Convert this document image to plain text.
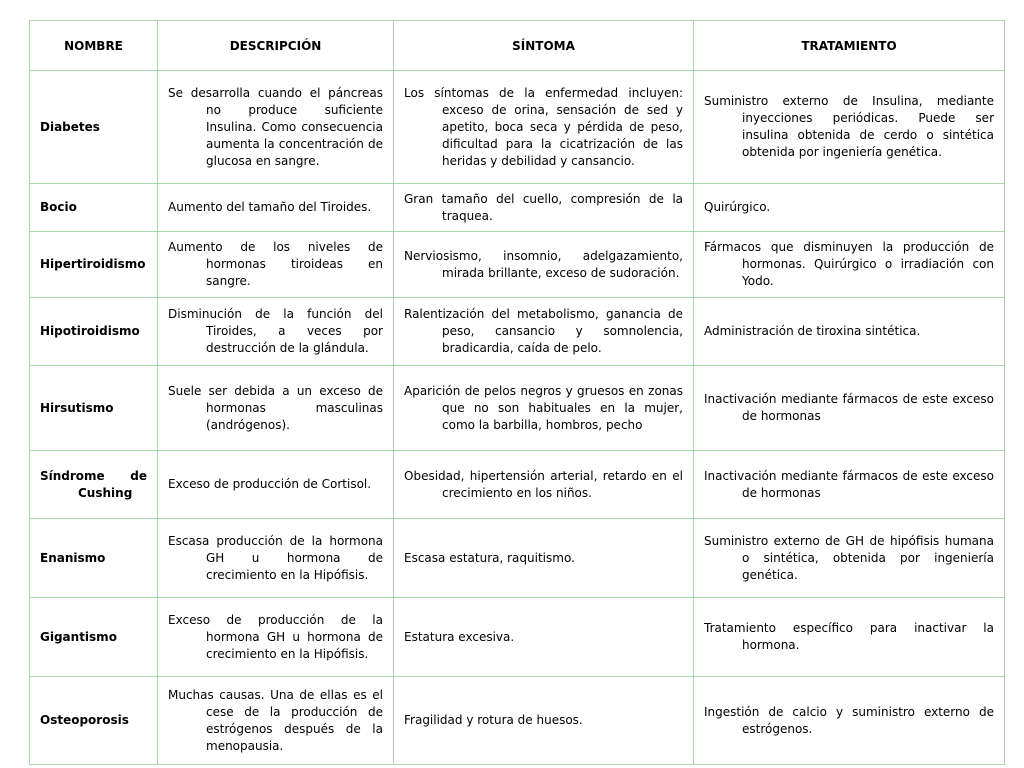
NOMBRE	DESCRIPCIÓN	SÍNTOMA	TRATAMIENTO
Diabetes	Se desarrolla cuando el páncreas no produce suficiente Insulina. Como consecuencia aumenta la concentración de glucosa en sangre.	Los síntomas de la enfermedad incluyen: exceso de orina, sensación de sed y apetito, boca seca y pérdida de peso, dificultad para la cicatrización de las heridas y debilidad y cansancio.	Suministro externo de Insulina, mediante inyecciones periódicas. Puede ser insulina obtenida de cerdo o sintética obtenida por ingeniería genética.

Bocio	Aumento del tamaño del Tiroides.	Gran tamaño del cuello, compresión de la traquea.	Quirúrgico.

Hipertiroidismo	Aumento de los niveles de hormonas tiroideas en sangre.	Nerviosismo, insomnio, adelgazamiento, mirada brillante, exceso de sudoración.	Fármacos que disminuyen la producción de hormonas. Quirúrgico o irradiación con Yodo.

Hipotiroidismo	Disminución de la función del Tiroides, a veces por destrucción de la glándula.	Ralentización del metabolismo, ganancia de peso, cansancio y somnolencia, bradicardia, caída de pelo.	Administración de tiroxina sintética.

Hirsutismo	Suele ser debida a un exceso de hormonas masculinas (andrógenos).	Aparición de pelos negros y gruesos en zonas que no son habituales en la mujer, como la barbilla, hombros, pecho	Inactivación mediante fármacos de este exceso de hormonas

Síndrome de Cushing	Exceso de producción de Cortisol.	Obesidad, hipertensión arterial, retardo en el crecimiento en los niños.	Inactivación mediante fármacos de este exceso de hormonas

Enanismo	Escasa producción de la hormona GH u hormona de crecimiento en la Hipófisis.	Escasa estatura, raquitismo.	Suministro externo de GH de hipófisis humana o sintética, obtenida por ingeniería genética.

Gigantismo	Exceso de producción de la hormona GH u hormona de crecimiento en la Hipófisis.	Estatura excesiva.	Tratamiento específico para inactivar la hormona.

Osteoporosis	Muchas causas. Una de ellas es el cese de la producción de estrógenos después de la menopausia.	Fragilidad y rotura de huesos.	Ingestión de calcio y suministro externo de estrógenos.
